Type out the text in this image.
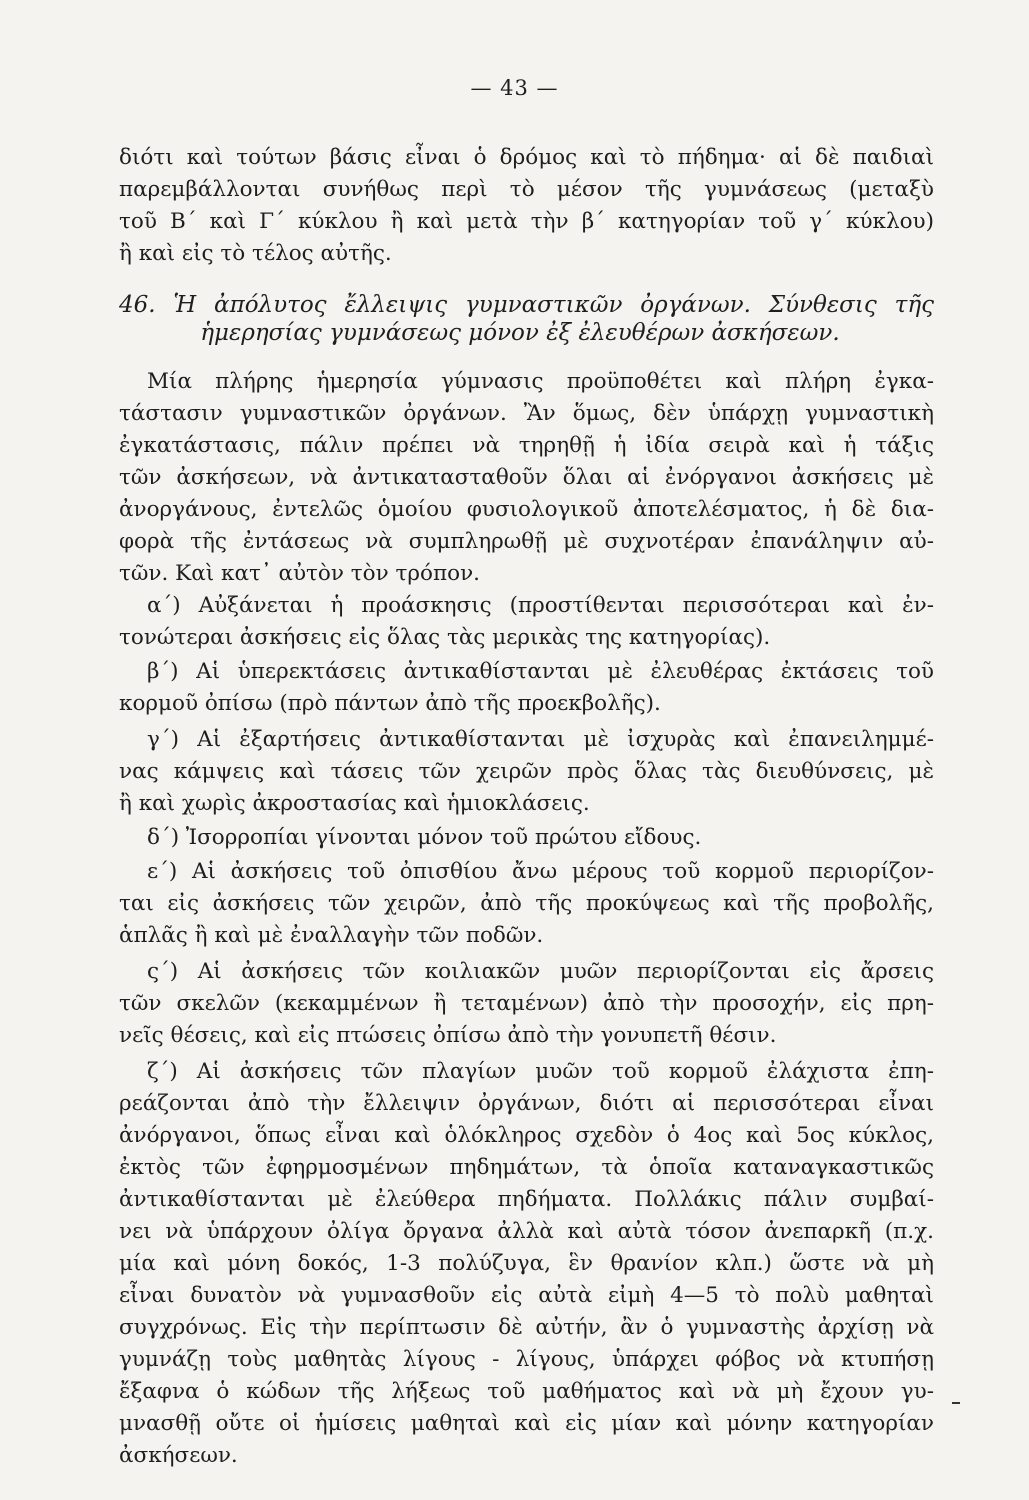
— 43 —
διότι καὶ τούτων βάσις εἶναι ὁ δρόμος καὶ τὸ πήδημα· αἱ δὲ παιδιαὶ
παρεμβάλλονται συνήθως περὶ τὸ μέσον τῆς γυμνάσεως (μεταξὺ
τοῦ Β΄ καὶ Γ΄ κύκλου ἢ καὶ μετὰ τὴν β΄ κατηγορίαν τοῦ γ΄ κύκλου)
ἢ καὶ εἰς τὸ τέλος αὐτῆς.
46. Ἡ ἀπόλυτος ἔλλειψις γυμναστικῶν ὀργάνων. Σύνθεσις τῆς
ἡμερησίας γυμνάσεως μόνον ἐξ ἐλευθέρων ἀσκήσεων.
Μία πλήρης ἡμερησία γύμνασις προϋποθέτει καὶ πλήρη ἐγκα-
τάστασιν γυμναστικῶν ὀργάνων. Ἂν ὅμως, δὲν ὑπάρχῃ γυμναστικὴ
ἐγκατάστασις, πάλιν πρέπει νὰ τηρηθῇ ἡ ἰδία σειρὰ καὶ ἡ τάξις
τῶν ἀσκήσεων, νὰ ἀντικατασταθοῦν ὅλαι αἱ ἐνόργανοι ἀσκήσεις μὲ
ἀνοργάνους, ἐντελῶς ὁμοίου φυσιολογικοῦ ἀποτελέσματος, ἡ δὲ δια-
φορὰ τῆς ἐντάσεως νὰ συμπληρωθῇ μὲ συχνοτέραν ἐπανάληψιν αὐ-
τῶν. Καὶ κατ᾽ αὐτὸν τὸν τρόπον.
α΄) Αὐξάνεται ἡ προάσκησις (προστίθενται περισσότεραι καὶ ἐν-
τονώτεραι ἀσκήσεις εἰς ὅλας τὰς μερικὰς της κατηγορίας).
β΄) Αἱ ὑπερεκτάσεις ἀντικαθίστανται μὲ ἐλευθέρας ἐκτάσεις τοῦ
κορμοῦ ὀπίσω (πρὸ πάντων ἀπὸ τῆς προεκβολῆς).
γ΄) Αἱ ἐξαρτήσεις ἀντικαθίστανται μὲ ἰσχυρὰς καὶ ἐπανειλημμέ-
νας κάμψεις καὶ τάσεις τῶν χειρῶν πρὸς ὅλας τὰς διευθύνσεις, μὲ
ἢ καὶ χωρὶς ἀκροστασίας καὶ ἡμιοκλάσεις.
δ΄) Ἰσορροπίαι γίνονται μόνον τοῦ πρώτου εἴδους.
ε΄) Αἱ ἀσκήσεις τοῦ ὀπισθίου ἄνω μέρους τοῦ κορμοῦ περιορίζον-
ται εἰς ἀσκήσεις τῶν χειρῶν, ἀπὸ τῆς προκύψεως καὶ τῆς προβολῆς,
ἁπλᾶς ἢ καὶ μὲ ἐναλλαγὴν τῶν ποδῶν.
ς΄) Αἱ ἀσκήσεις τῶν κοιλιακῶν μυῶν περιορίζονται εἰς ἄρσεις
τῶν σκελῶν (κεκαμμένων ἢ τεταμένων) ἀπὸ τὴν προσοχήν, εἰς πρη-
νεῖς θέσεις, καὶ εἰς πτώσεις ὀπίσω ἀπὸ τὴν γονυπετῆ θέσιν.
ζ΄) Αἱ ἀσκήσεις τῶν πλαγίων μυῶν τοῦ κορμοῦ ἐλάχιστα ἐπη-
ρεάζονται ἀπὸ τὴν ἔλλειψιν ὀργάνων, διότι αἱ περισσότεραι εἶναι
ἀνόργανοι, ὅπως εἶναι καὶ ὁλόκληρος σχεδὸν ὁ 4ος καὶ 5ος κύκλος,
ἐκτὸς τῶν ἐφηρμοσμένων πηδημάτων, τὰ ὁποῖα καταναγκαστικῶς
ἀντικαθίστανται μὲ ἐλεύθερα πηδήματα. Πολλάκις πάλιν συμβαί-
νει νὰ ὑπάρχουν ὀλίγα ὄργανα ἀλλὰ καὶ αὐτὰ τόσον ἀνεπαρκῆ (π.χ.
μία καὶ μόνη δοκός, 1-3 πολύζυγα, ἓν θρανίον κλπ.) ὥστε νὰ μὴ
εἶναι δυνατὸν νὰ γυμνασθοῦν εἰς αὐτὰ εἰμὴ 4—5 τὸ πολὺ μαθηταὶ
συγχρόνως. Εἰς τὴν περίπτωσιν δὲ αὐτήν, ἂν ὁ γυμναστὴς ἀρχίσῃ νὰ
γυμνάζῃ τοὺς μαθητὰς λίγους - λίγους, ὑπάρχει φόβος νὰ κτυπήσῃ
ἔξαφνα ὁ κώδων τῆς λήξεως τοῦ μαθήματος καὶ νὰ μὴ ἔχουν γυ-
μνασθῇ οὔτε οἱ ἡμίσεις μαθηταὶ καὶ εἰς μίαν καὶ μόνην κατηγορίαν
ἀσκήσεων.
